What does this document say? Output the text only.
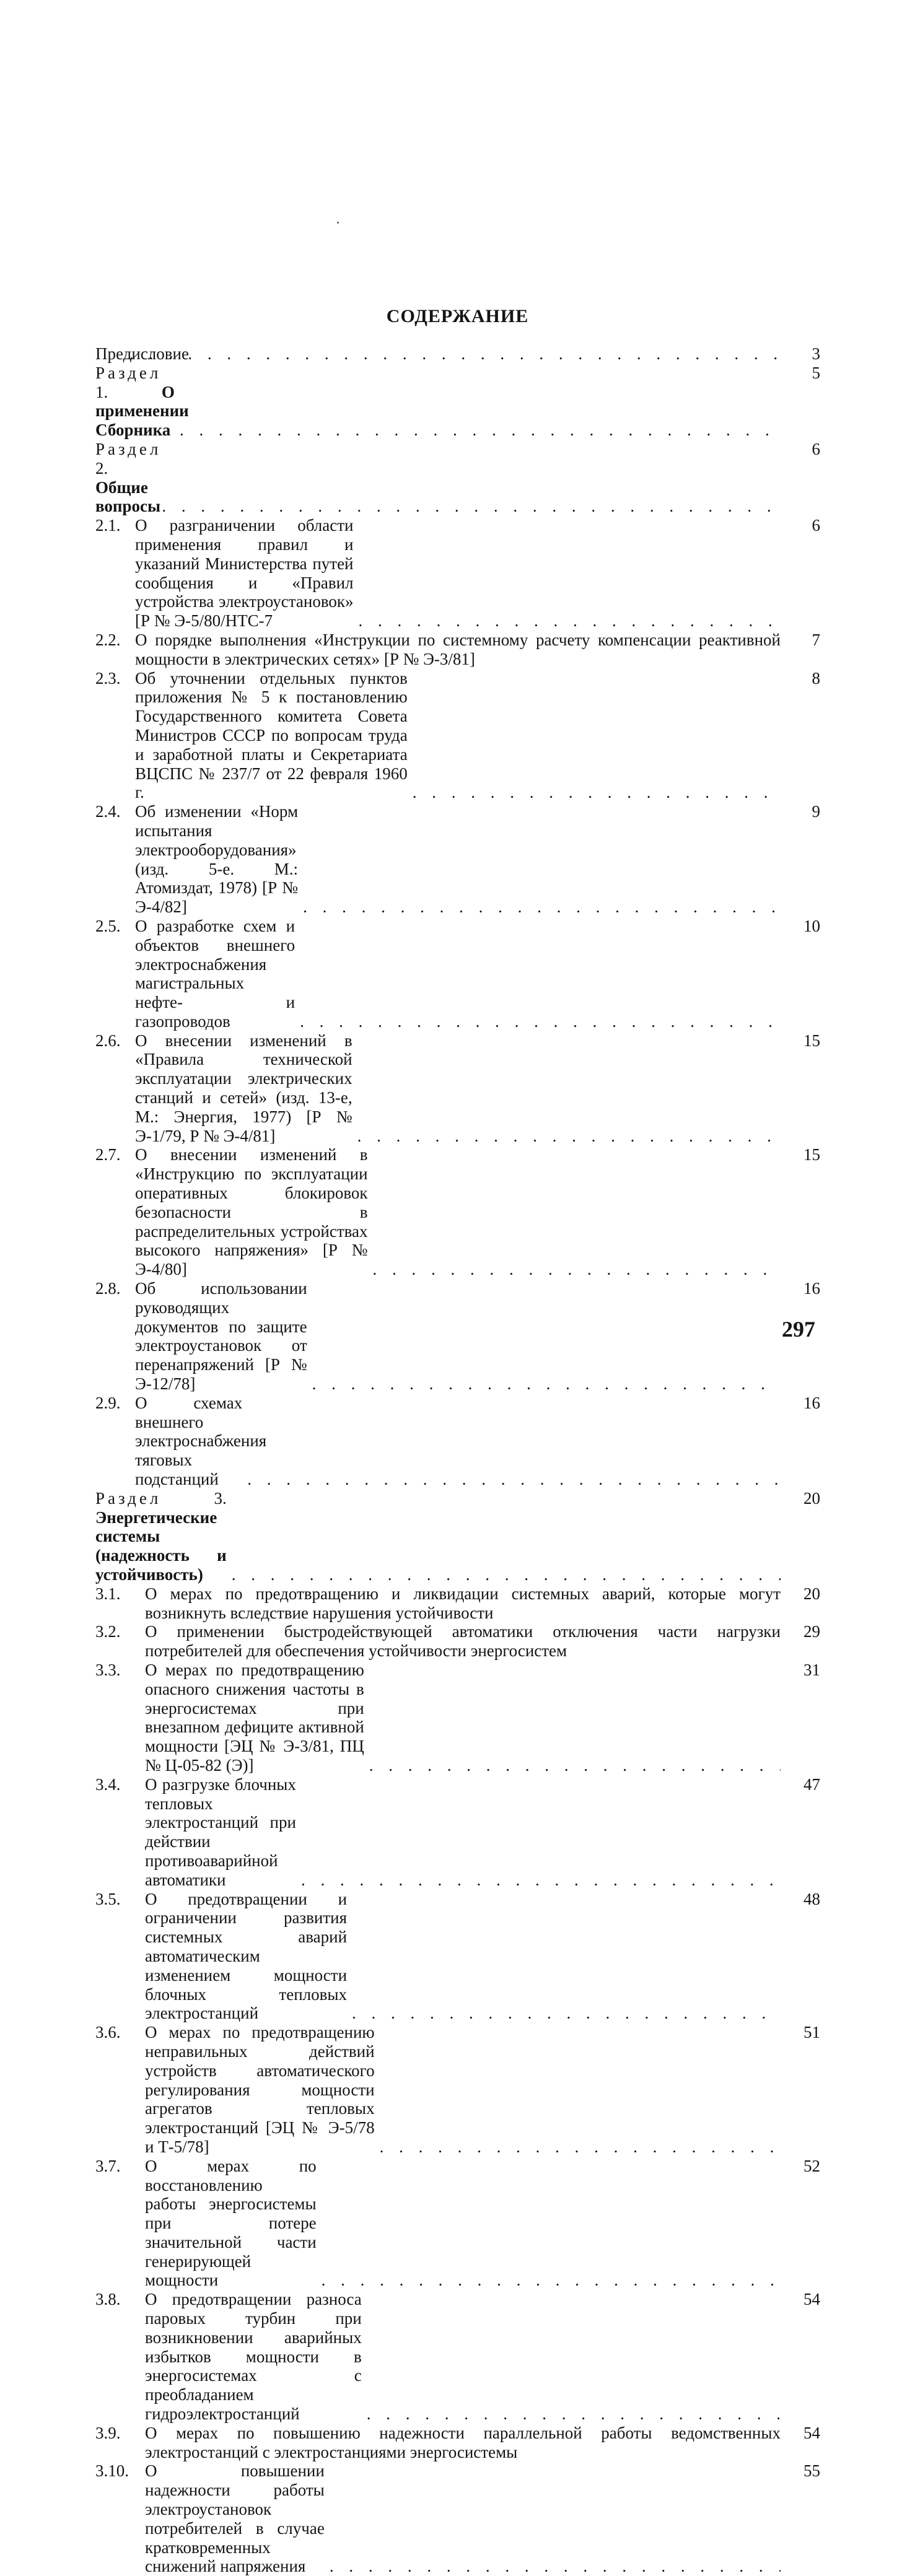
СОДЕРЖАНИЕ
Предисловие
. . .	3
Раздел 1.	О применении Сборника
. . .
5
Раздел 2. Общие вопросы
. . .
6
2.1. О разграничении области применения правил и указаний Министерства путей сообщения и «Правил устройства электроустановок» [Р № Э-5/80/НТС-7
. . .
6
2.2. О порядке выполнения «Инструкции по системному расчету компенсации реактивной мощности в электрических сетях» [Р № Э-3/81]
7
2.3. Об уточнении отдельных пунктов приложения № 5 к постановлению Государственного комитета Совета Министров СССР по вопросам труда и заработной платы и Секретариата ВЦСПС № 237/7 от 22 февраля 1960 г.
. . .
8
2.4. Об изменении «Норм испытания электрооборудования» (изд. 5-е. М.: Атомиздат, 1978) [Р № Э-4/82]
. . .
9
2.5. О разработке схем и объектов внешнего электроснабжения магистральных нефте- и газопроводов
. . .
10
2.6. О внесении изменений в «Правила технической эксплуатации электрических станций и сетей» (изд. 13-е, М.: Энергия, 1977) [Р № Э-1/79, Р № Э-4/81]
. . .
15
2.7. О внесении изменений в «Инструкцию по эксплуатации оперативных блокировок безопасности в распределительных устройствах высокого напряжения» [Р № Э-4/80]
. . .
15
2.8. Об использовании руководящих документов по защите электроустановок от перенапряжений [Р № Э-12/78]
. . .
16
2.9. О схемах внешнего электроснабжения тяговых подстанций
. . .
16
Раздел	3. Энергетические системы (надежность и устойчивость)
. . .
20
3.1.	О мерах по предотвращению и ликвидации системных аварий, которые могут возникнуть вследствие нарушения устойчивости
20
3.2.	О применении быстродействующей автоматики отключения части нагрузки потребителей для обеспечения устойчивости энергосистем
29
3.3.	О мерах по предотвращению опасного снижения частоты в энергосистемах при внезапном дефиците активной мощности [ЭЦ № Э-3/81, ПЦ № Ц-05-82 (Э)]
. . .
31
3.4.	О разгрузке блочных тепловых электростанций при действии противоаварийной автоматики
. . .
47
3.5.	О предотвращении и ограничении развития системных аварий автоматическим изменением мощности блочных тепловых электростанций
. . .
48
3.6.	О мерах по предотвращению неправильных действий устройств автоматического регулирования мощности агрегатов тепловых электростанций [ЭЦ № Э-5/78 и Т-5/78]
. . .
51
3.7.	О мерах по восстановлению работы энергосистемы при потере значительной части генерирующей мощности
. . .
52
3.8.	О предотвращении разноса паровых турбин при возникновении аварийных избытков мощности в энергосистемах с преобладанием гидроэлектростанций
. . .
54
3.9.	О мерах по повышению надежности параллельной работы ведомственных электростанций с электростанциями энергосистемы
54
3.10. О повышении надежности работы электроустановок потребителей в случае кратковременных снижений напряжения
. . .
55
297
